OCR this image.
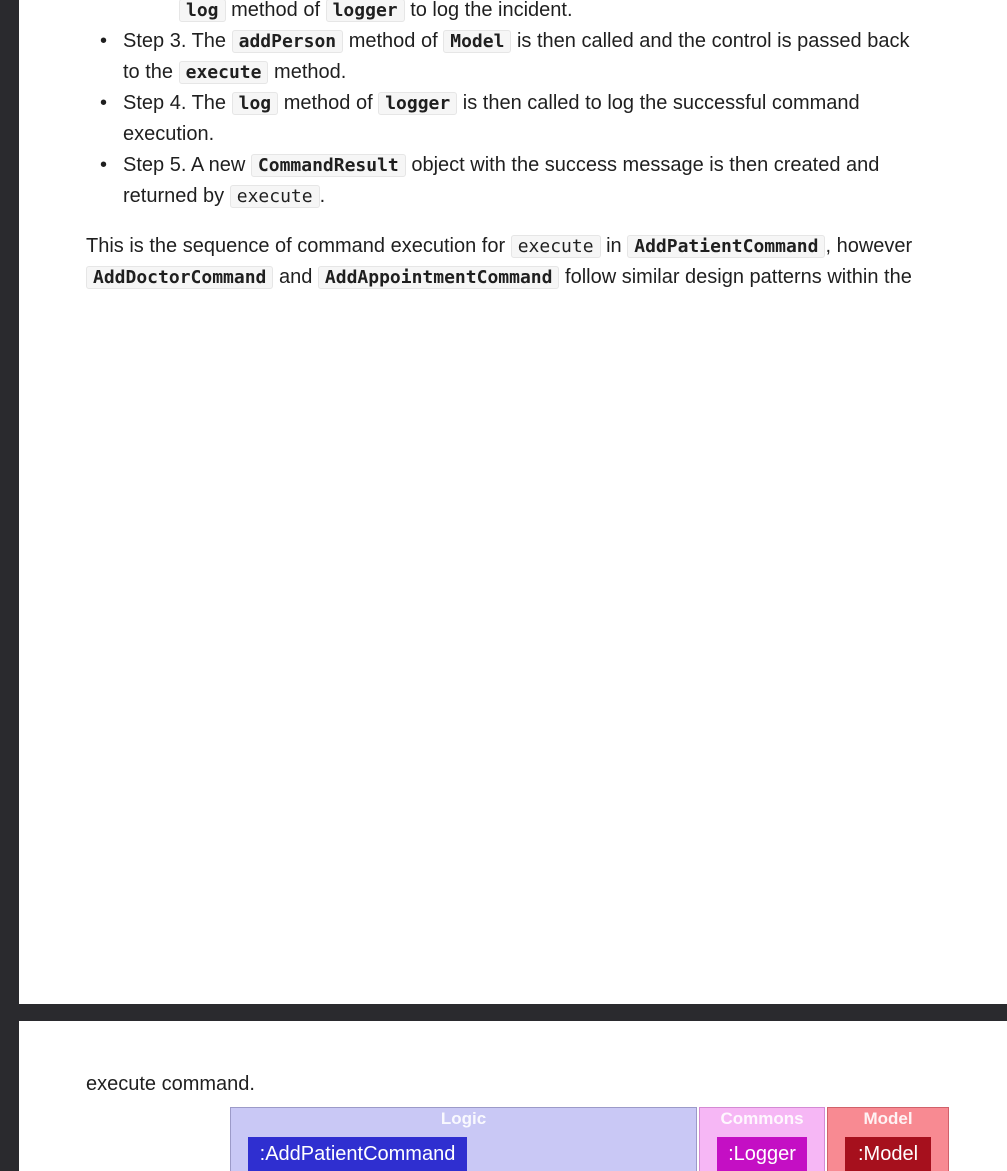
log method of logger to log the incident.
• Step 3. The addPerson method of Model is then called and the control is passed back
to the execute method.
• Step 4. The log method of logger is then called to log the successful command
execution.
• Step 5. A new CommandResult object with the success message is then created and
returned by execute .
This is the sequence of command execution for execute in AddPatientCommand , however
AddDoctorCommand and AddAppointmentCommand follow similar design patterns within the
execute command.
Logic
:AddPatientCommand
Commons
:Logger
Model
:Model
